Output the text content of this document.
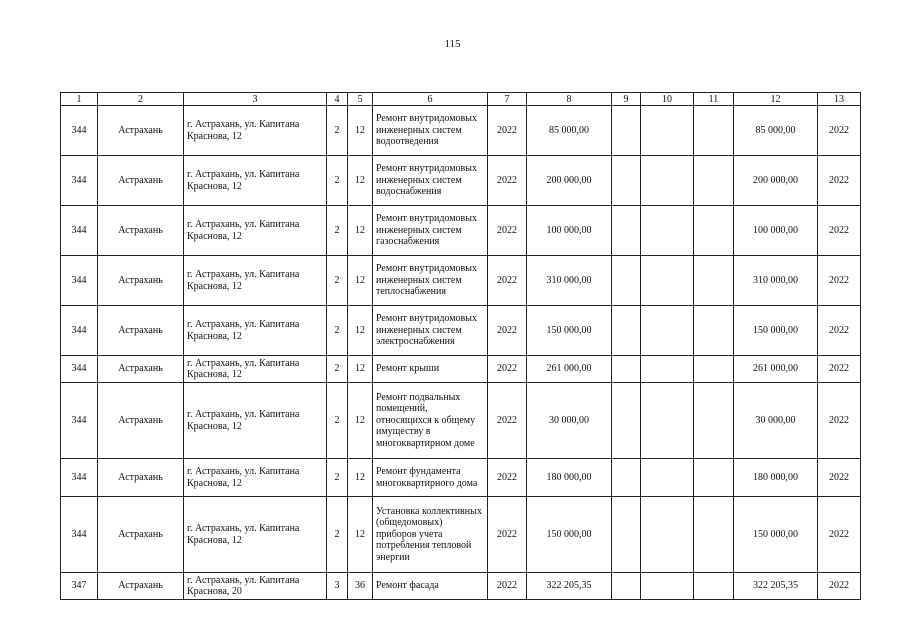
115
1	2	3	4	5	6	7	8	9	10	11	12	13
344	Астрахань	г. Астрахань, ул. Капитана Краснова, 12	2	12	Ремонт внутридомовых инженерных систем водоотведения	2022	85 000,00				85 000,00	2022
344	Астрахань	г. Астрахань, ул. Капитана Краснова, 12	2	12	Ремонт внутридомовых инженерных систем водоснабжения	2022	200 000,00				200 000,00	2022
344	Астрахань	г. Астрахань, ул. Капитана Краснова, 12	2	12	Ремонт внутридомовых инженерных систем газоснабжения	2022	100 000,00				100 000,00	2022
344	Астрахань	г. Астрахань, ул. Капитана Краснова, 12	2	12	Ремонт внутридомовых инженерных систем теплоснабжения	2022	310 000,00				310 000,00	2022
344	Астрахань	г. Астрахань, ул. Капитана Краснова, 12	2	12	Ремонт внутридомовых инженерных систем электроснабжения	2022	150 000,00				150 000,00	2022
344	Астрахань	г. Астрахань, ул. Капитана Краснова, 12	2	12	Ремонт крыши	2022	261 000,00				261 000,00	2022
344	Астрахань	г. Астрахань, ул. Капитана Краснова, 12	2	12	Ремонт подвальных помещений, относящихся к общему имуществу в многоквартирном доме	2022	30 000,00				30 000,00	2022
344	Астрахань	г. Астрахань, ул. Капитана Краснова, 12	2	12	Ремонт фундамента многоквартирного дома	2022	180 000,00				180 000,00	2022
344	Астрахань	г. Астрахань, ул. Капитана Краснова, 12	2	12	Установка коллективных (общедомовых) приборов учета потребления тепловой энергии	2022	150 000,00				150 000,00	2022
347	Астрахань	г. Астрахань, ул. Капитана Краснова, 20	3	36	Ремонт фасада	2022	322 205,35				322 205,35	2022
